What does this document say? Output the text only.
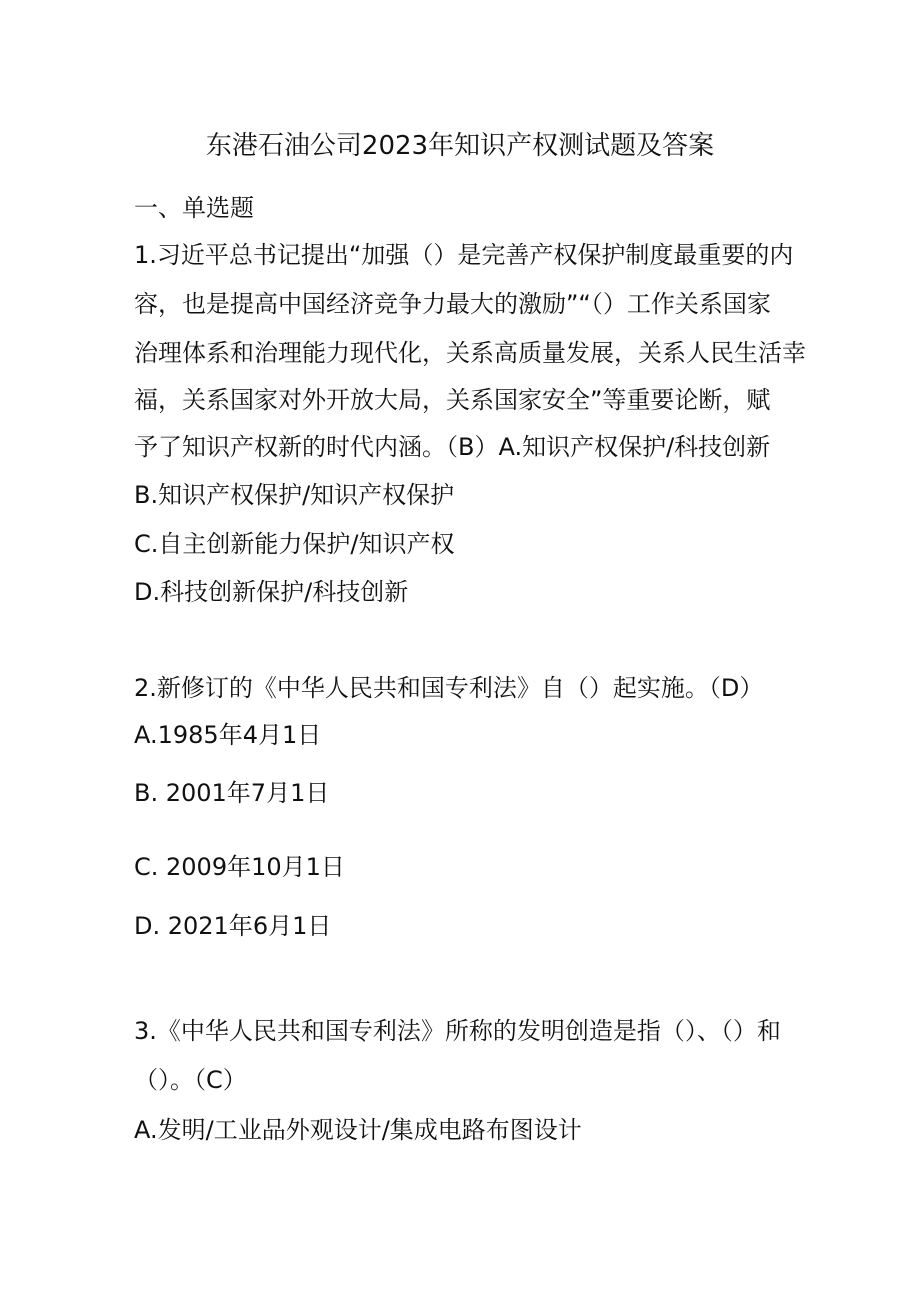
东港石油公司2023年知识产权测试题及答案
一、单选题
1.习近平总书记提出“加强（）是完善产权保护制度最重要的内
容，也是提高中国经济竞争力最大的激励”“（）工作关系国家
治理体系和治理能力现代化，关系高质量发展，关系人民生活幸
福，关系国家对外开放大局，关系国家安全”等重要论断，赋
予了知识产权新的时代内涵。（B）A.知识产权保护/科技创新
B.知识产权保护/知识产权保护
C.自主创新能力保护/知识产权
D.科技创新保护/科技创新
2.新修订的《中华人民共和国专利法》自（）起实施。（D）
A.1985年4月1日
B. 2001年7月1日
C. 2009年10月1日
D. 2021年6月1日
3.《中华人民共和国专利法》所称的发明创造是指（）、（）和
（）。（C）
A.发明/工业品外观设计/集成电路布图设计
